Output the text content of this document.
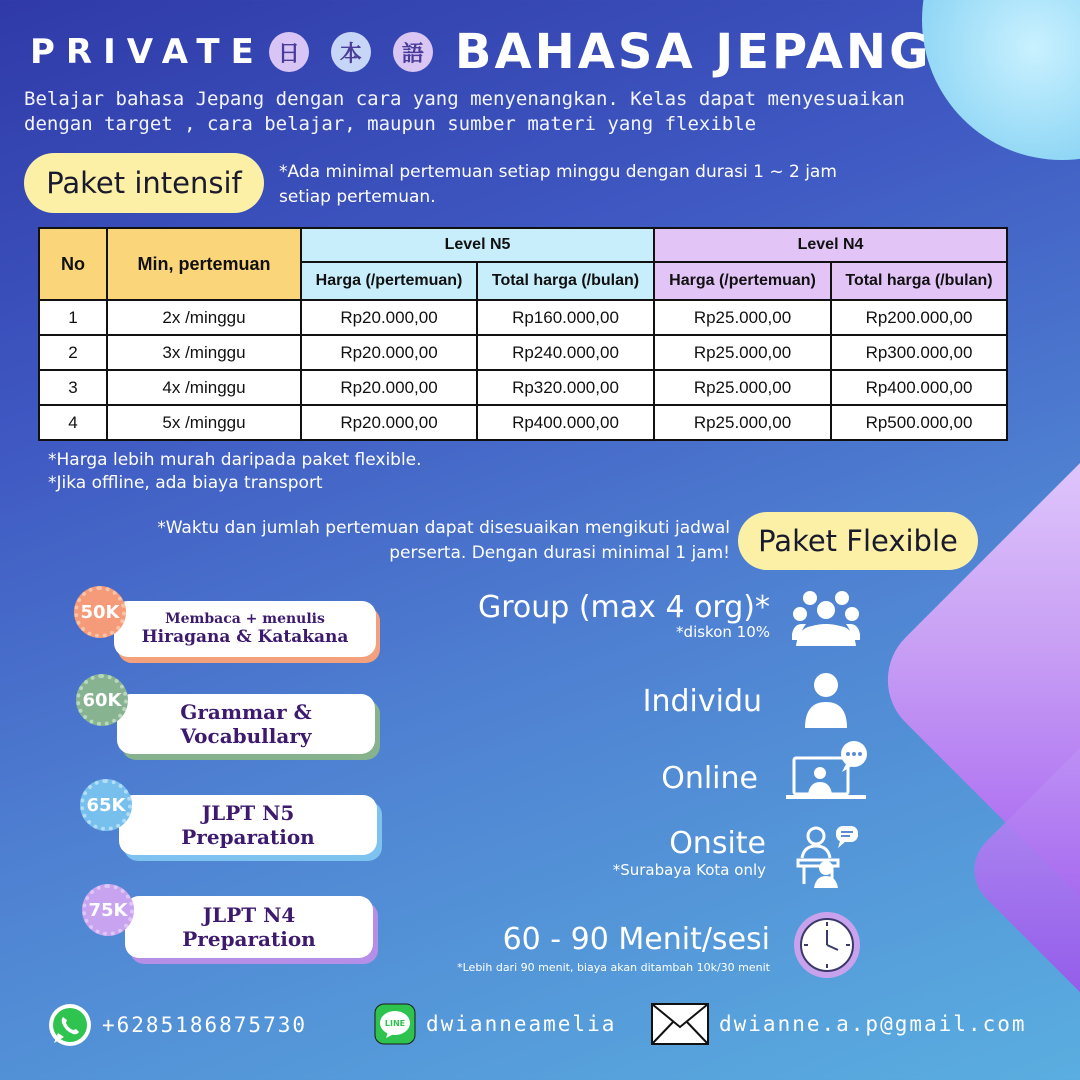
PRIVATE 日	本	語 BAHASA JEPANG

Belajar bahasa Jepang dengan cara yang menyenangkan. Kelas dapat menyesuaikan dengan target , cara belajar, maupun sumber materi yang flexible

Paket intensif	*Ada minimal pertemuan setiap minggu dengan durasi 1 ~ 2 jam setiap pertemuan.

No	Min, pertemuan	Level N5		Level N4	
		Harga (/pertemuan)	Total harga (/bulan)	Harga (/pertemuan)	Total harga (/bulan)
1	2x /minggu	Rp20.000,00	Rp160.000,00	Rp25.000,00	Rp200.000,00
2	3x /minggu	Rp20.000,00	Rp240.000,00	Rp25.000,00	Rp300.000,00
3	4x /minggu	Rp20.000,00	Rp320.000,00	Rp25.000,00	Rp400.000,00
4	5x /minggu	Rp20.000,00	Rp400.000,00	Rp25.000,00	Rp500.000,00
*Harga lebih murah daripada paket flexible.
*Jika offline, ada biaya transport

*Waktu dan jumlah pertemuan dapat disesuaikan mengikuti jadwal perserta. Dengan durasi minimal 1 jam! Paket Flexible
Membaca + menulis
Hiragana & Katakana
50K
Grammar &
Vocabullary
60K
JLPT N5
Preparation
65K
JLPT N4
Preparation
75K
Group (max 4 org)*
*diskon 10%
Individu
Online
Onsite
*Surabaya Kota only
60 - 90 Menit/sesi
*Lebih dari 90 menit, biaya akan ditambah 10k/30 menit
+6285186875730	LINE dwianneamelia	dwianne.a.p@gmail.com
